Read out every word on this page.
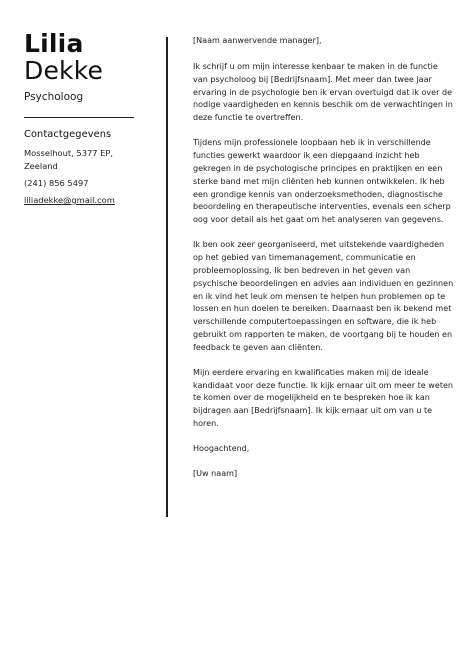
Lilia
Dekke
Psycholoog
Contactgegevens
Mosselhout, 5377 EP,
Zeeland
(241) 856 5497
liliadekke@gmail.com

[Naam aanwervende manager],

Ik schrijf u om mijn interesse kenbaar te maken in de functie van psycholoog bij [Bedrijfsnaam]. Met meer dan twee jaar ervaring in de psychologie ben ik ervan overtuigd dat ik over de nodige vaardigheden en kennis beschik om de verwachtingen in deze functie te overtreffen.

Tijdens mijn professionele loopbaan heb ik in verschillende functies gewerkt waardoor ik een diepgaand inzicht heb gekregen in de psychologische principes en praktijken en een sterke band met mijn cliënten heb kunnen ontwikkelen. Ik heb een grondige kennis van onderzoeksmethoden, diagnostische beoordeling en therapeutische interventies, evenals een scherp oog voor detail als het gaat om het analyseren van gegevens.

Ik ben ook zeer georganiseerd, met uitstekende vaardigheden op het gebied van timemanagement, communicatie en probleemoplossing. Ik ben bedreven in het geven van psychische beoordelingen en advies aan individuen en gezinnen en ik vind het leuk om mensen te helpen hun problemen op te lossen en hun doelen te bereiken. Daarnaast ben ik bekend met verschillende computertoepassingen en software, die ik heb gebruikt om rapporten te maken, de voortgang bij te houden en feedback te geven aan cliënten.

Mijn eerdere ervaring en kwalificaties maken mij de ideale kandidaat voor deze functie. Ik kijk ernaar uit om meer te weten te komen over de mogelijkheid en te bespreken hoe ik kan bijdragen aan [Bedrijfsnaam]. Ik kijk ernaar uit om van u te horen.

Hoogachtend,

[Uw naam]
